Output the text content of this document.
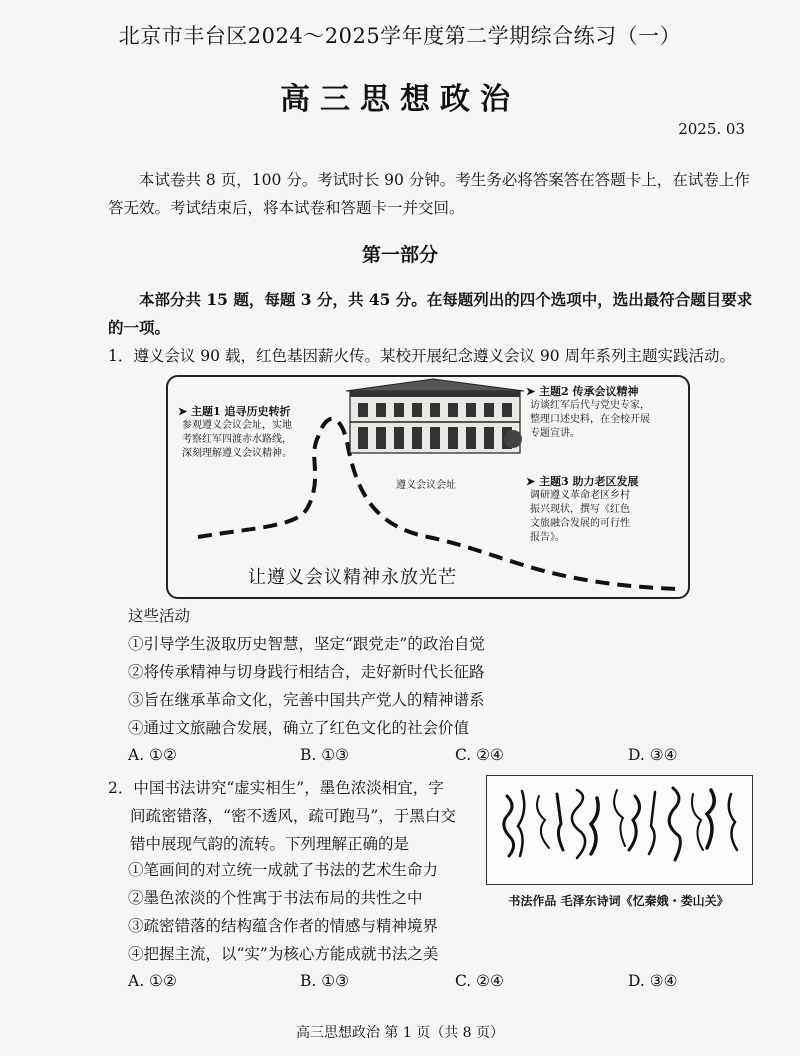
北京市丰台区2024～2025学年度第二学期综合练习（一）
高三思想政治
2025. 03
本试卷共 8 页，100 分。考试时长 90 分钟。考生务必将答案答在答题卡上，在试卷上作答无效。考试结束后，将本试卷和答题卡一并交回。
第一部分
本部分共 15 题，每题 3 分，共 45 分。在每题列出的四个选项中，选出最符合题目要求的一项。
1．遵义会议 90 载，红色基因薪火传。某校开展纪念遵义会议 90 周年系列主题实践活动。
➤ 主题1 追寻历史转折
参观遵义会议会址，实地
考察红军四渡赤水路线，
深刻理解遵义会议精神。
➤ 主题2 传承会议精神
访谈红军后代与党史专家，
整理口述史料，在全校开展
专题宣讲。
遵义会议会址	➤ 主题3 助力老区发展
调研遵义革命老区乡村
振兴现状，撰写《红色
文旅融合发展的可行性
报告》。
让遵义会议精神永放光芒
这些活动
①引导学生汲取历史智慧，坚定“跟党走”的政治自觉
②将传承精神与切身践行相结合，走好新时代长征路
③旨在继承革命文化，完善中国共产党人的精神谱系
④通过文旅融合发展，确立了红色文化的社会价值
A. ①②	B. ①③	C. ②④	D. ③④
2．中国书法讲究“虚实相生”，墨色浓淡相宜，字
间疏密错落，“密不透风，疏可跑马”，于黑白交
错中展现气韵的流转。下列理解正确的是
①笔画间的对立统一成就了书法的艺术生命力
②墨色浓淡的个性寓于书法布局的共性之中
③疏密错落的结构蕴含作者的情感与精神境界
④把握主流，以“实”为核心方能成就书法之美
A. ①②	B. ①③	C. ②④	D. ③④
书法作品 毛泽东诗词《忆秦娥・娄山关》
高三思想政治 第 1 页（共 8 页）
